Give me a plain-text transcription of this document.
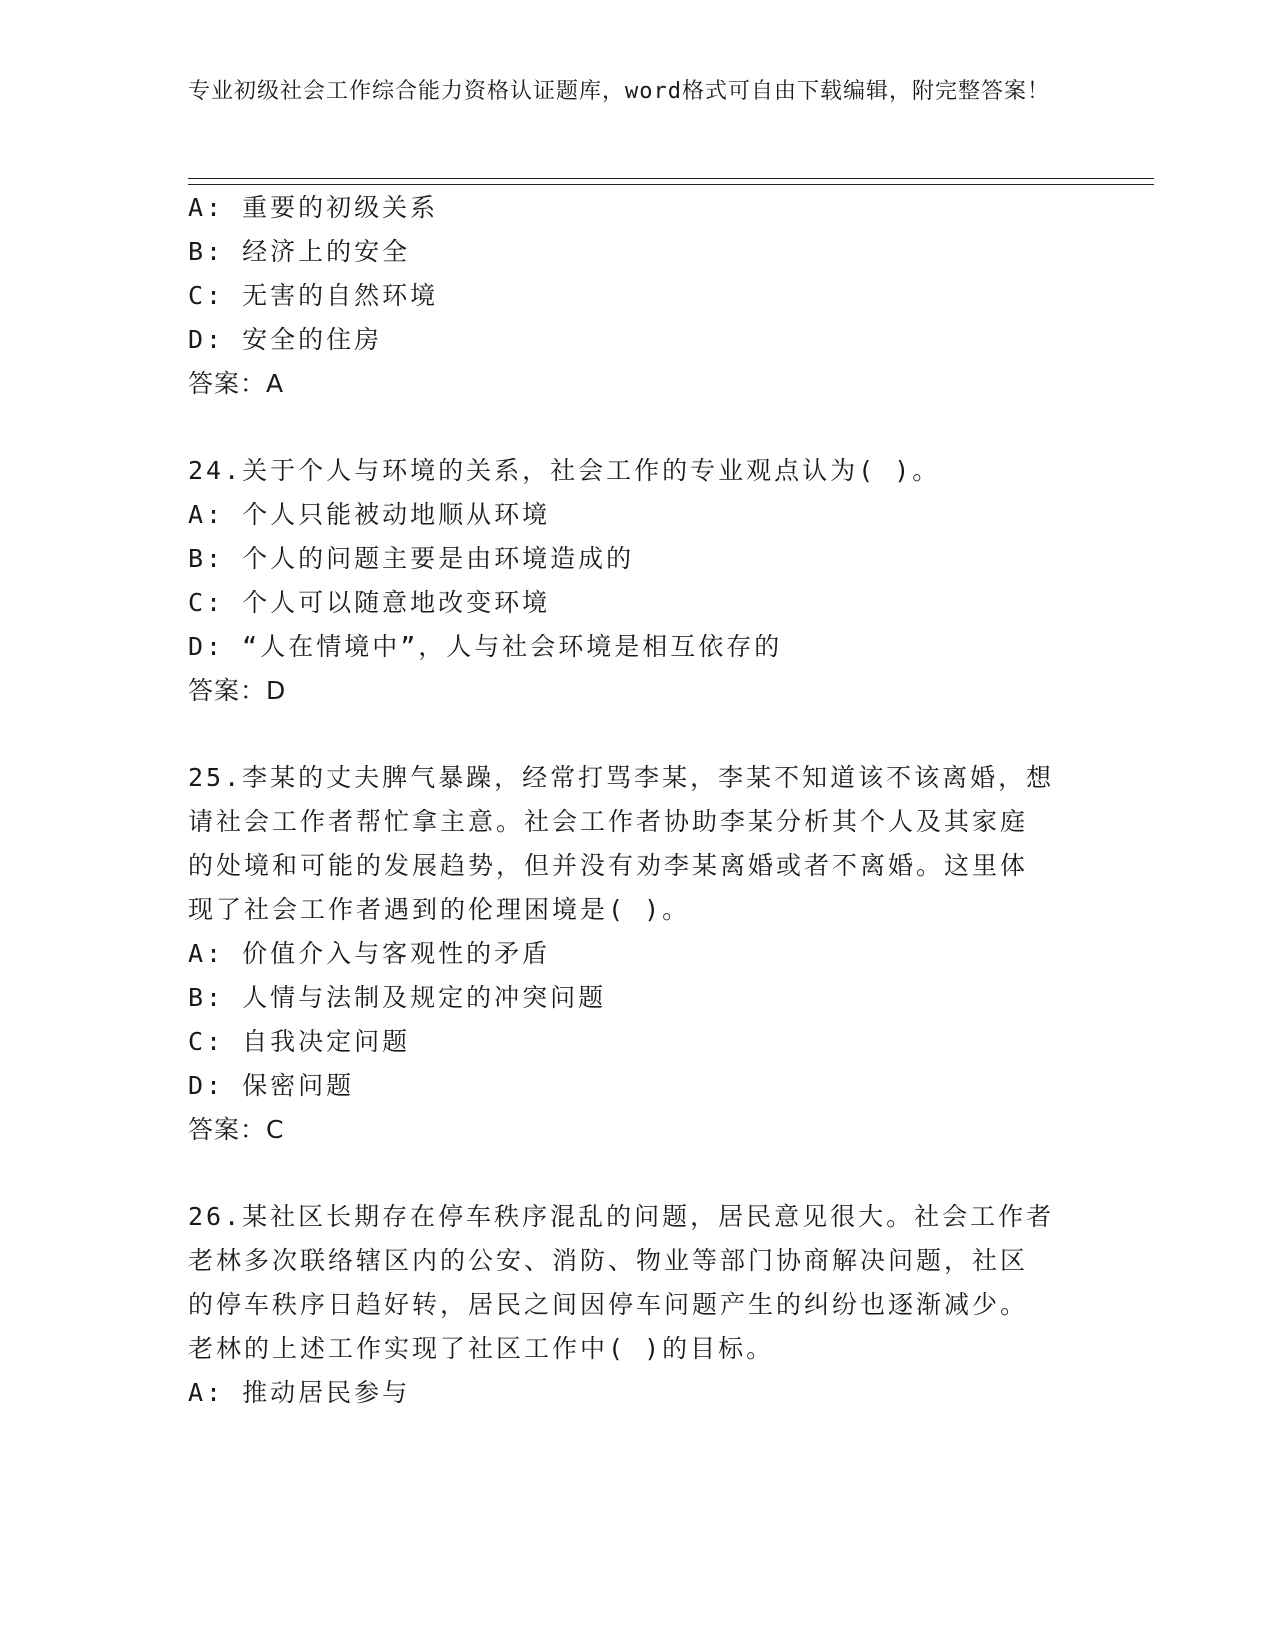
专业初级社会工作综合能力资格认证题库，word格式可自由下载编辑，附完整答案！
A: 重要的初级关系
B: 经济上的安全
C: 无害的自然环境
D: 安全的住房
答案：A
24.关于个人与环境的关系，社会工作的专业观点认为( )。
A: 个人只能被动地顺从环境
B: 个人的问题主要是由环境造成的
C: 个人可以随意地改变环境
D: “人在情境中”，人与社会环境是相互依存的
答案：D
25.李某的丈夫脾气暴躁，经常打骂李某，李某不知道该不该离婚，想
请社会工作者帮忙拿主意。社会工作者协助李某分析其个人及其家庭
的处境和可能的发展趋势，但并没有劝李某离婚或者不离婚。这里体
现了社会工作者遇到的伦理困境是( )。
A: 价值介入与客观性的矛盾
B: 人情与法制及规定的冲突问题
C: 自我决定问题
D: 保密问题
答案：C
26.某社区长期存在停车秩序混乱的问题，居民意见很大。社会工作者
老林多次联络辖区内的公安、消防、物业等部门协商解决问题，社区
的停车秩序日趋好转，居民之间因停车问题产生的纠纷也逐渐减少。
老林的上述工作实现了社区工作中( )的目标。
A: 推动居民参与
